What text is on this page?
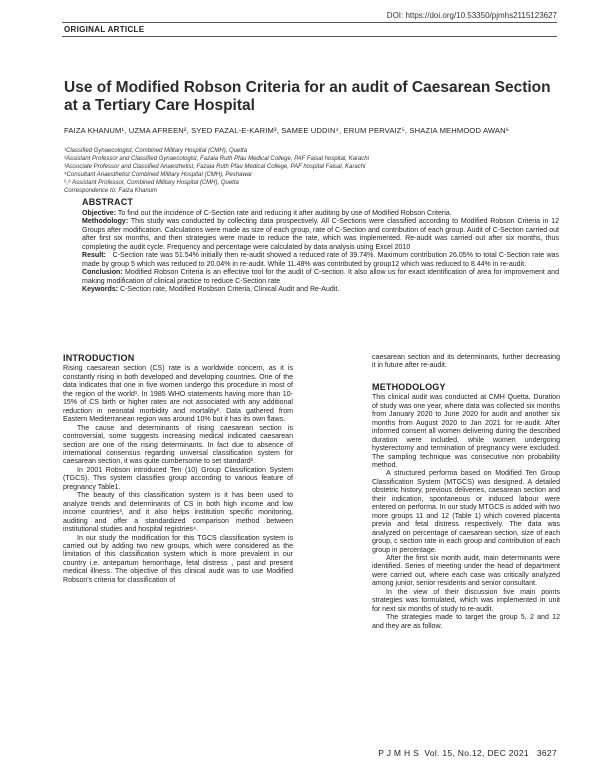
DOI: https://doi.org/10.53350/pjmhs2115123627
ORIGINAL ARTICLE
Use of Modified Robson Criteria for an audit of Caesarean Section at a Tertiary Care Hospital
FAIZA KHANUM¹, UZMA AFREEN², SYED FAZAL-E-KARIM³, SAMEE UDDIN⁴, ERUM PERVAIZ⁵, SHAZIA MEHMOOD AWAN⁶
¹Classified Gynaecologist, Combined Military Hospital (CMH), Quetta
²Assistant Professor and Classified Gynaecologist, Fazaia Ruth Pfau Medical College, PAF Faisal hospital, Karachi
³Associate Professor and Classified Anaesthetist, Fazaia Ruth Pfau Medical College, PAF hospital Faisal, Karachi
⁴Consultant Anaesthetist Combined Military Hospital (CMH), Peshawar
⁵,⁶ Assistant Professor, Combined Military Hospital (CMH), Quetta
Correspondence to: Faiza Khanum
ABSTRACT

Objective: To find out the incidence of C-Section rate and reducing it after auditing by use of Modified Robson Criteria.

Methodology: This study was conducted by collecting data prospectively. All C-Sections were classified according to Modified Robson Criteria in 12 Groups after modification. Calculations were made as size of each group, rate of C-Section and contribution of each group. Audit of C-Section carried out after first six months, and then strategies were made to reduce the rate, which was implemented. Re-audit was carried out after six months, thus completing the audit cycle. Frequency and percentage were calculated by data analysis using Excel 2010

Result:   C-Section rate was 51.54% initially then re-audit showed a reduced rate of 39.74%. Maximum contribution 26.05% to total C-Section rate was made by group 5 which was reduced to 20.04% in re-audit. While 11.48% was contributed by group12 which was reduced to 8.44% in re-audit.

Conclusion: Modified Robson Criteria is an effective tool for the audit of C-section. It also allow us for exact identification of area for improvement and making modification of clinical practice to reduce C-Section rate

Keywords: C-Section rate, Modified Rosbson Criteria, Clinical Audit and Re-Audit.

INTRODUCTION

Rising caesarean section (CS) rate is a worldwide concern, as it is constantly rising in both developed and developing countries. One of the data indicates that one in five women undergo this procedure in most of the region of the world¹. In 1985 WHO statements having more than 10-15% of CS birth or higher rates are not associated with any additional reduction in neonatal morbidity and mortality². Data gathered from Eastern Mediterranean region was around 10% but it has its own flaws.

The cause and determinants of rising caesarean section is controversial, some suggests increasing medical indicated caesarean section are one of the rising determinants. In fact due to absence of international consensus regarding universal classification system for caesarean section, it was quite cumbersome to set standard².

In 2001 Robson introduced Ten (10) Group Classification System (TGCS). This system classifies group according to various feature of pregnancy Table1.

The beauty of this classification system is it has been used to analyze trends and determinants of CS in both high income and low income countries³, and it also helps institution specific monitoring, auditing and offer a standardized comparison method between institutional studies and hospital registries⁴.

In our study the modification for this TGCS classification system is carried out by adding two new groups, which were considered as the limitation of this classification system which is more prevalent in our country i.e. antepartum hemorrhage, fetal distress , past and present medical illness. The objective of this clinical audit was to use Modified Robson's criteria for classification of

caesarean section and its determinants, further decreasing it in future after re-audit.

METHODOLOGY

This clinical audit was conducted at CMH Quetta. Duration of study was one year, where data was collected six months from January 2020 to June 2020 for audit and another six months from August 2020 to Jan 2021 for re-audit. After informed consent all women delivering during the described duration were included, while women undergoing hysterectomy and termination of pregnancy were excluded. The sampling technique was consecutive non probability method.

A structured performa based on Modified Ten Group Classification System (MTGCS) was designed. A detailed obstetric history, previous deliveries, caesarean section and their indication, spontaneous or induced labour were entered on performa. In our study MTGCS is added with two more groups 11 and 12 (Table 1) which covered placenta previa and fetal distress respectively. The data was analyzed on percentage of caesarean section, size of each group, c section rate in each group and contribution of each group in percentage.

After the first six month audit, main determinants were identified. Series of meeting under the head of department were carried out, where each case was critically analyzed among junior, senior residents and senior consultant.

In the view of their discussion five main points strategies was formulated, which was implemented in unit for next six months of study to re-audit.

The strategies made to target the group 5, 2 and 12 and they are as follow.

P J M H S  Vol. 15, No.12, DEC 2021   3627
